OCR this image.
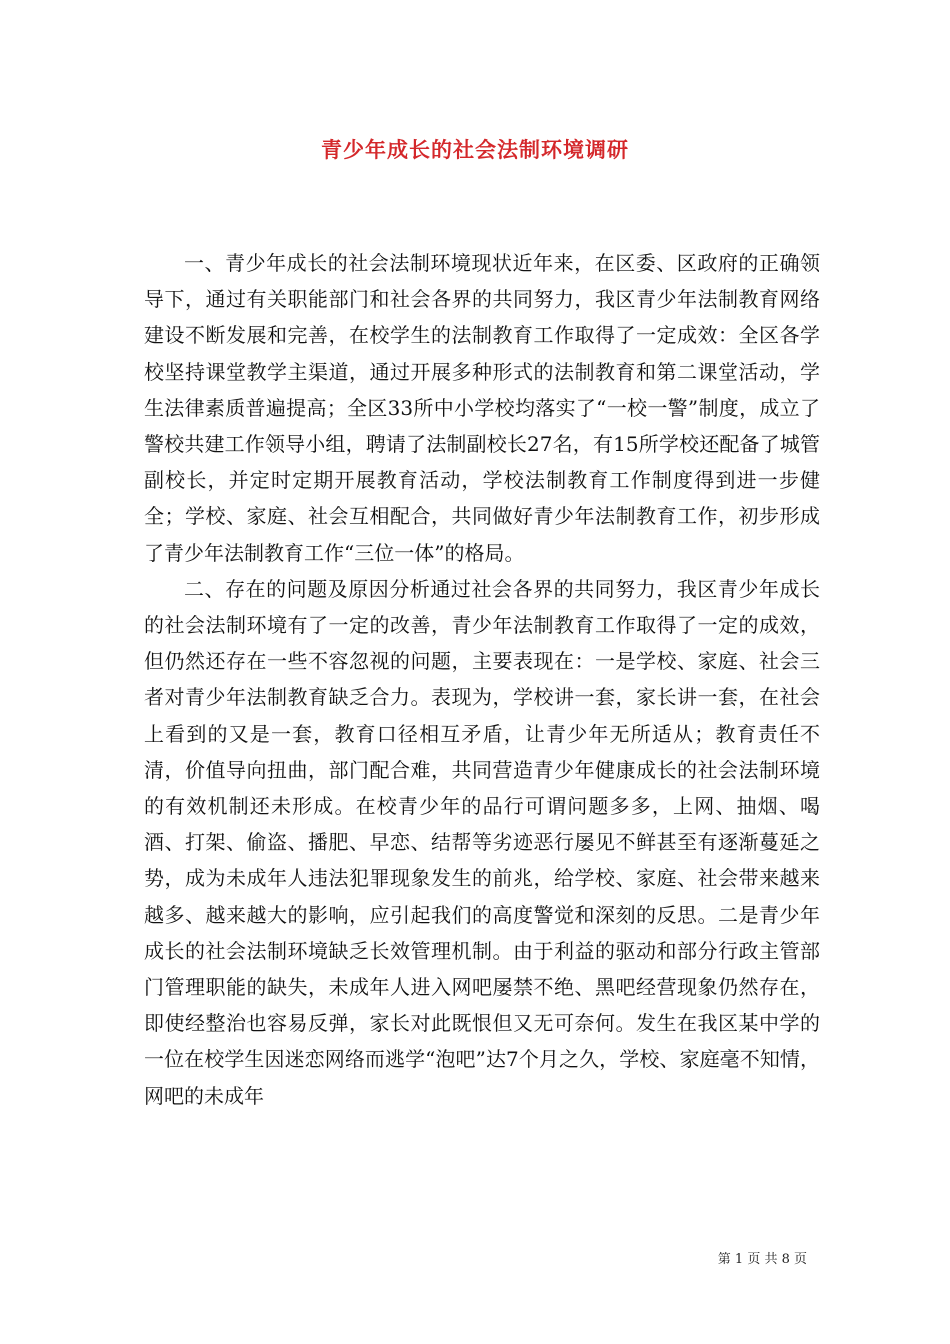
青少年成长的社会法制环境调研

一、青少年成长的社会法制环境现状近年来，在区委、区政府的正确领导下，通过有关职能部门和社会各界的共同努力，我区青少年法制教育网络建设不断发展和完善，在校学生的法制教育工作取得了一定成效：全区各学校坚持课堂教学主渠道，通过开展多种形式的法制教育和第二课堂活动，学生法律素质普遍提高；全区33所中小学校均落实了“一校一警”制度，成立了警校共建工作领导小组，聘请了法制副校长27名，有15所学校还配备了城管副校长，并定时定期开展教育活动，学校法制教育工作制度得到进一步健全；学校、家庭、社会互相配合，共同做好青少年法制教育工作，初步形成了青少年法制教育工作“三位一体”的格局。

二、存在的问题及原因分析通过社会各界的共同努力，我区青少年成长的社会法制环境有了一定的改善，青少年法制教育工作取得了一定的成效，但仍然还存在一些不容忽视的问题，主要表现在：一是学校、家庭、社会三者对青少年法制教育缺乏合力。表现为，学校讲一套，家长讲一套，在社会上看到的又是一套，教育口径相互矛盾，让青少年无所适从；教育责任不清，价值导向扭曲，部门配合难，共同营造青少年健康成长的社会法制环境的有效机制还未形成。在校青少年的品行可谓问题多多，上网、抽烟、喝酒、打架、偷盗、播肥、早恋、结帮等劣迹恶行屡见不鲜甚至有逐渐蔓延之势，成为未成年人违法犯罪现象发生的前兆，给学校、家庭、社会带来越来越多、越来越大的影响，应引起我们的高度警觉和深刻的反思。二是青少年成长的社会法制环境缺乏长效管理机制。由于利益的驱动和部分行政主管部门管理职能的缺失，未成年人进入网吧屡禁不绝、黑吧经营现象仍然存在，即使经整治也容易反弹，家长对此既恨但又无可奈何。发生在我区某中学的一位在校学生因迷恋网络而逃学“泡吧”达7个月之久，学校、家庭毫不知情，网吧的未成年

第 1 页 共 8 页
